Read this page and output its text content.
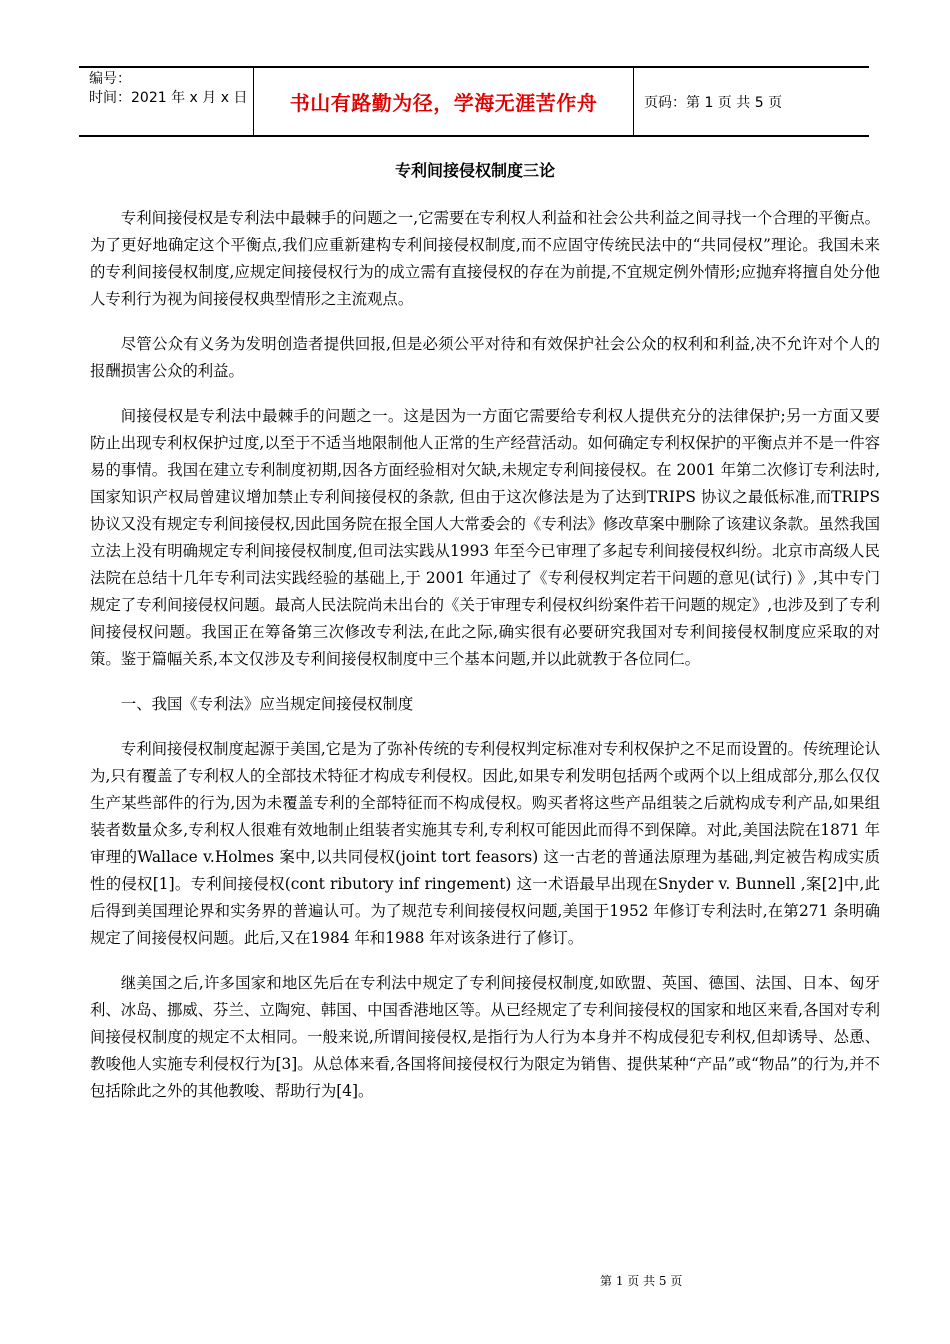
编号：
时间：2021 年 x 月 x 日 书山有路勤为径，学海无涯苦作舟	页码：第 1 页 共 5 页
专利间接侵权制度三论

专利间接侵权是专利法中最棘手的问题之一,它需要在专利权人利益和社会公共利益之间寻找一个合理的平衡点。为了更好地确定这个平衡点,我们应重新建构专利间接侵权制度,而不应固守传统民法中的“共同侵权”理论。我国未来的专利间接侵权制度,应规定间接侵权行为的成立需有直接侵权的存在为前提,不宜规定例外情形;应抛弃将擅自处分他人专利行为视为间接侵权典型情形之主流观点。

尽管公众有义务为发明创造者提供回报,但是必须公平对待和有效保护社会公众的权利和利益,决不允许对个人的报酬损害公众的利益。

间接侵权是专利法中最棘手的问题之一。这是因为一方面它需要给专利权人提供充分的法律保护;另一方面又要防止出现专利权保护过度,以至于不适当地限制他人正常的生产经营活动。如何确定专利权保护的平衡点并不是一件容易的事情。我国在建立专利制度初期,因各方面经验相对欠缺,未规定专利间接侵权。在 2001 年第二次修订专利法时,国家知识产权局曾建议增加禁止专利间接侵权的条款, 但由于这次修法是为了达到TRIPS 协议之最低标准,而TRIPS 协议又没有规定专利间接侵权,因此国务院在报全国人大常委会的《专利法》修改草案中删除了该建议条款。虽然我国立法上没有明确规定专利间接侵权制度,但司法实践从1993 年至今已审理了多起专利间接侵权纠纷。北京市高级人民法院在总结十几年专利司法实践经验的基础上,于 2001 年通过了《专利侵权判定若干问题的意见(试行) 》,其中专门规定了专利间接侵权问题。最高人民法院尚未出台的《关于审理专利侵权纠纷案件若干问题的规定》,也涉及到了专利间接侵权问题。我国正在筹备第三次修改专利法,在此之际,确实很有必要研究我国对专利间接侵权制度应采取的对策。鉴于篇幅关系,本文仅涉及专利间接侵权制度中三个基本问题,并以此就教于各位同仁。

一、我国《专利法》应当规定间接侵权制度

专利间接侵权制度起源于美国,它是为了弥补传统的专利侵权判定标准对专利权保护之不足而设置的。传统理论认为,只有覆盖了专利权人的全部技术特征才构成专利侵权。因此,如果专利发明包括两个或两个以上组成部分,那么仅仅生产某些部件的行为,因为未覆盖专利的全部特征而不构成侵权。购买者将这些产品组装之后就构成专利产品,如果组装者数量众多,专利权人很难有效地制止组装者实施其专利,专利权可能因此而得不到保障。对此,美国法院在1871 年审理的Wallace v.Holmes 案中,以共同侵权(joint tort feasors) 这一古老的普通法原理为基础,判定被告构成实质性的侵权[1]。专利间接侵权(cont ributory inf ringement) 这一术语最早出现在Snyder v. Bunnell ,案[2]中,此后得到美国理论界和实务界的普遍认可。为了规范专利间接侵权问题,美国于1952 年修订专利法时,在第271 条明确规定了间接侵权问题。此后,又在1984 年和1988 年对该条进行了修订。

继美国之后,许多国家和地区先后在专利法中规定了专利间接侵权制度,如欧盟、英国、德国、法国、日本、匈牙利、冰岛、挪威、芬兰、立陶宛、韩国、中国香港地区等。从已经规定了专利间接侵权的国家和地区来看,各国对专利间接侵权制度的规定不太相同。一般来说,所谓间接侵权,是指行为人行为本身并不构成侵犯专利权,但却诱导、怂恿、教唆他人实施专利侵权行为[3]。从总体来看,各国将间接侵权行为限定为销售、提供某种“产品”或“物品”的行为,并不包括除此之外的其他教唆、帮助行为[4]。

第 1 页 共 5 页
